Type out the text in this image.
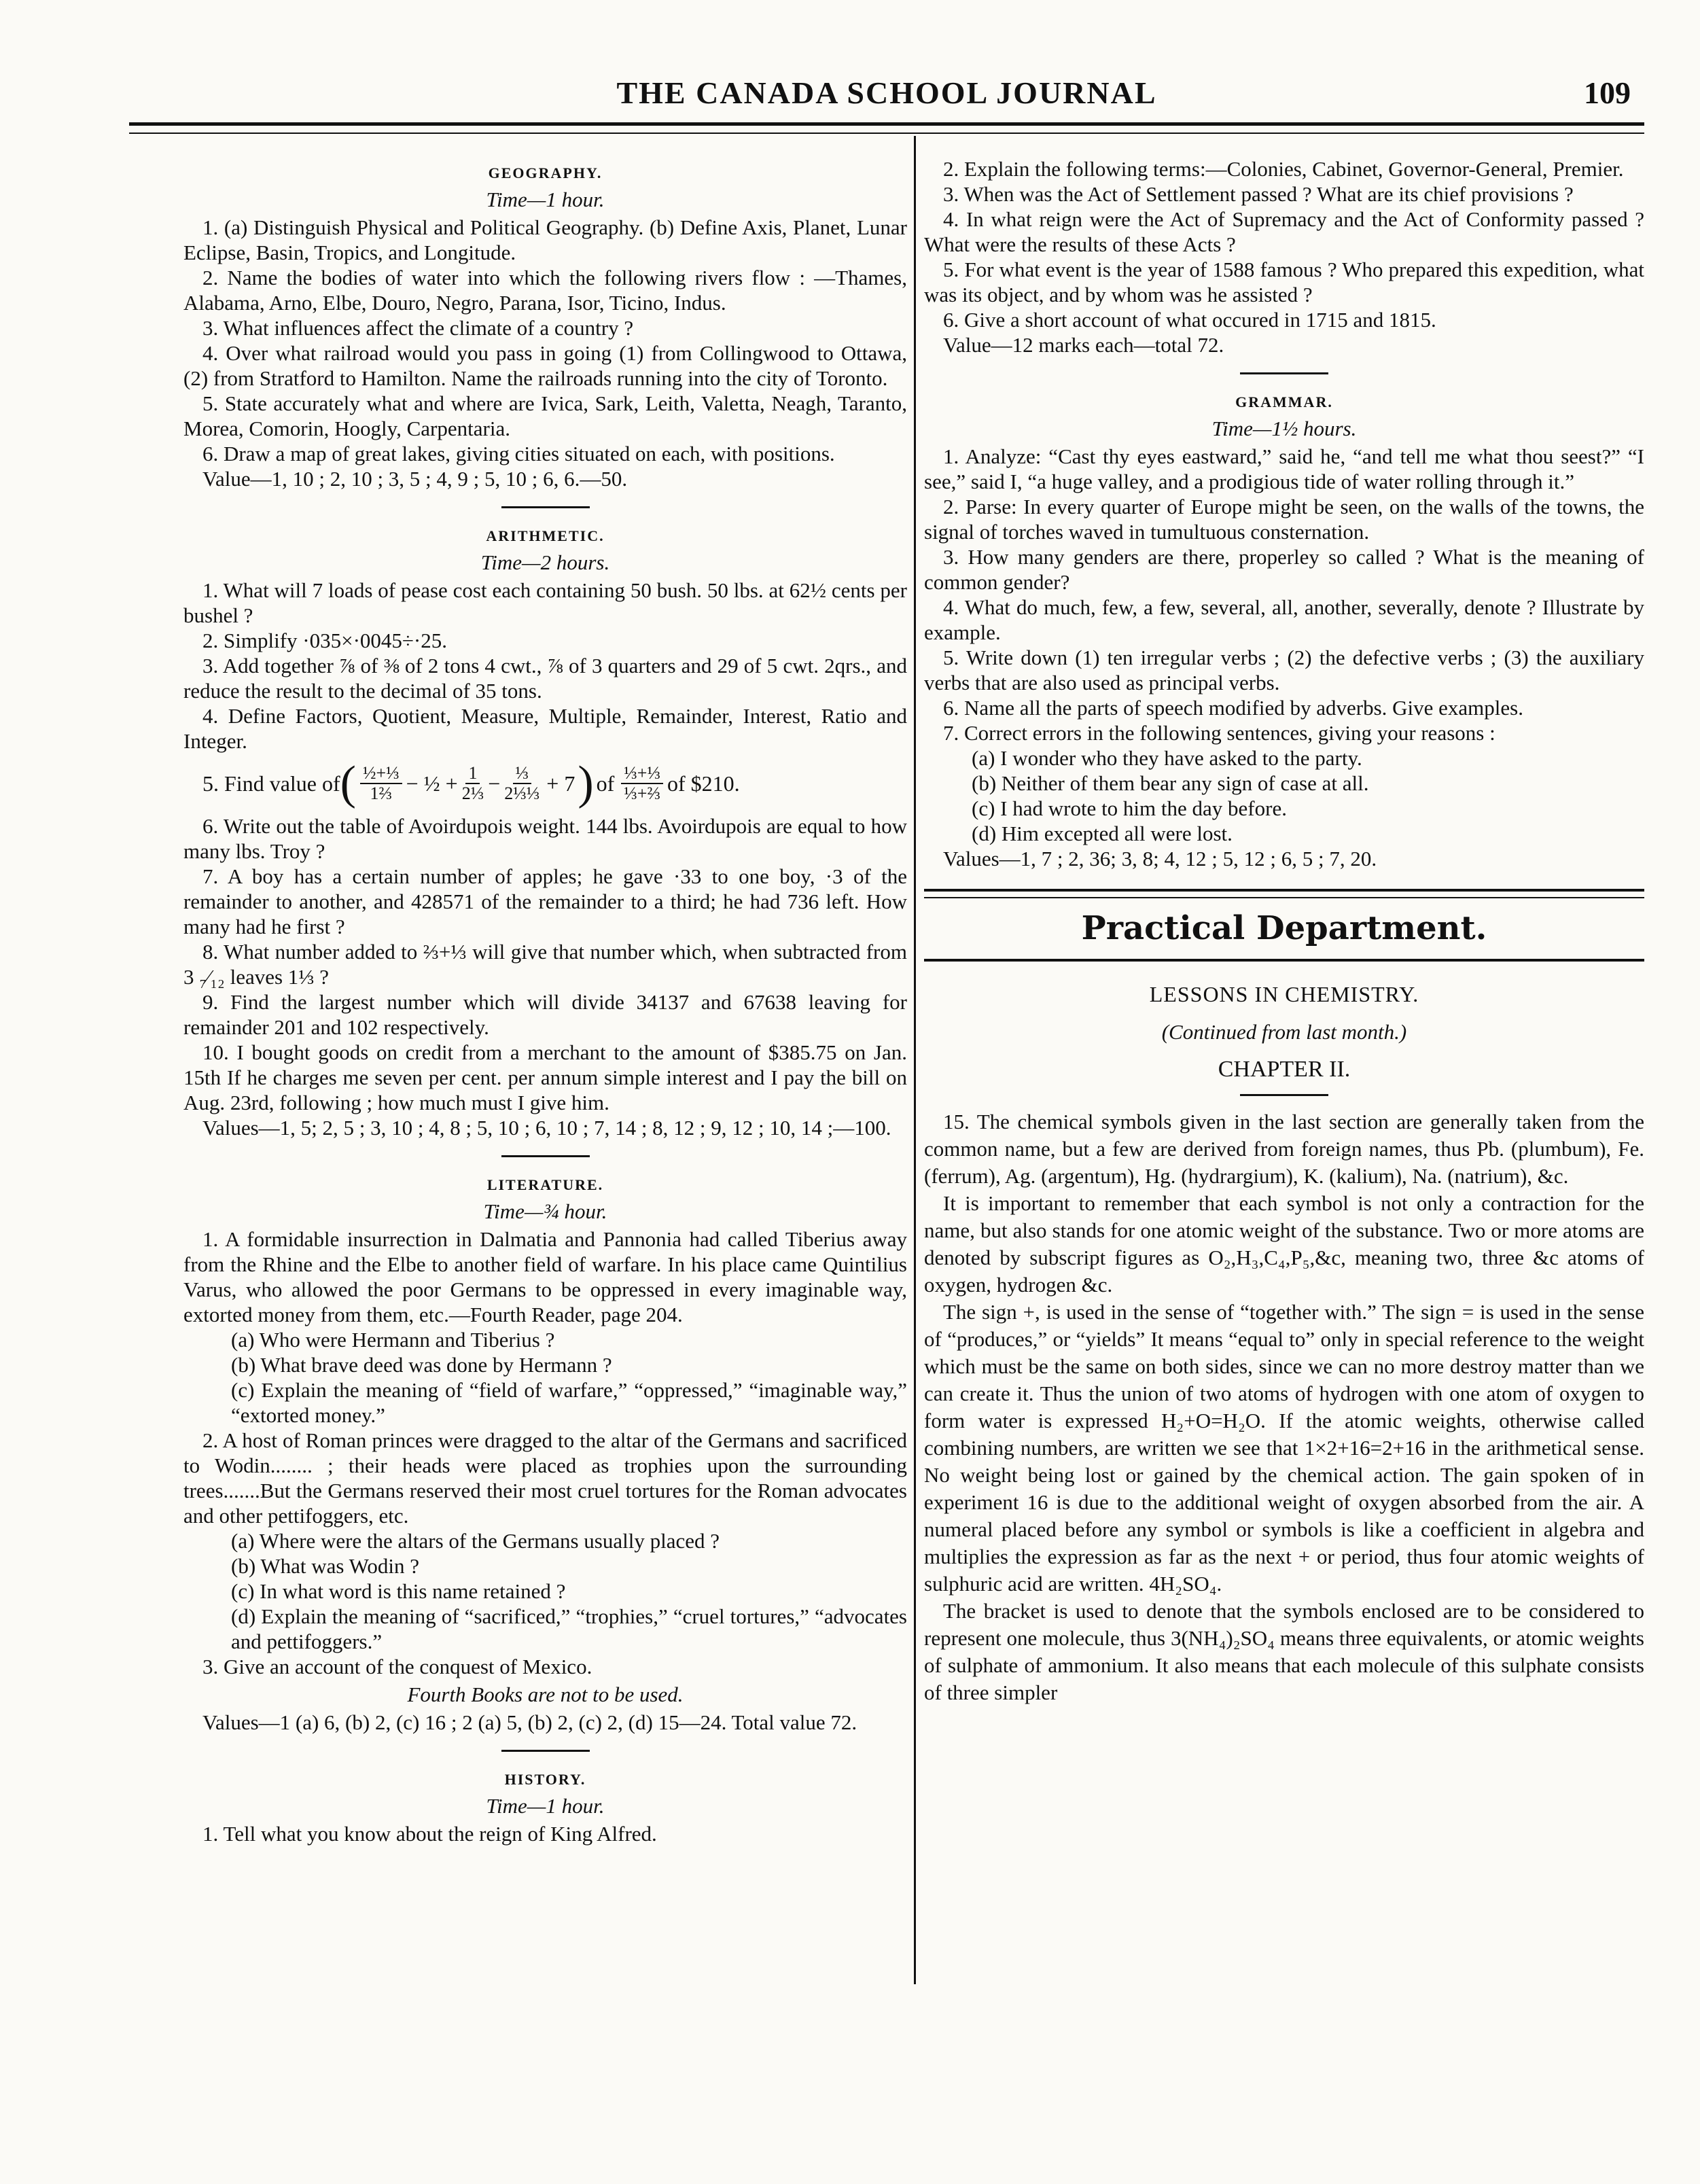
THE CANADA SCHOOL JOURNAL	109
GEOGRAPHY.
Time—1 hour.

1. (a) Distinguish Physical and Political Geography. (b) Define Axis, Planet, Lunar Eclipse, Basin, Tropics, and Longitude.

2. Name the bodies of water into which the following rivers flow : —Thames, Alabama, Arno, Elbe, Douro, Negro, Parana, Isor, Ticino, Indus.

3. What influences affect the climate of a country ?

4. Over what railroad would you pass in going (1) from Collingwood to Ottawa, (2) from Stratford to Hamilton. Name the railroads running into the city of Toronto.

5. State accurately what and where are Ivica, Sark, Leith, Valetta, Neagh, Taranto, Morea, Comorin, Hoogly, Carpentaria.

6. Draw a map of great lakes, giving cities situated on each, with positions.

Value—1, 10 ; 2, 10 ; 3, 5 ; 4, 9 ; 5, 10 ; 6, 6.—50.

ARITHMETIC.
Time—2 hours.

1. What will 7 loads of pease cost each containing 50 bush. 50 lbs. at 62½ cents per bushel ?

2. Simplify ·035×·0045÷·25.

3. Add together ⅞ of ⅜ of 2 tons 4 cwt., ⅞ of 3 quarters and 29 of 5 cwt. 2qrs., and reduce the result to the decimal of 35 tons.

4. Define Factors, Quotient, Measure, Multiple, Remainder, Interest, Ratio and Integer.

5. Find value of ( $\frac{\text{½+⅓}}{\text{1⅔}}$ − ½ + $\frac{1}{\text{2⅓}} - \frac{\text{⅓}}{\text{2⅓⅓}} + 7$ ) of $\frac{\text{⅓+⅓}}{\text{⅓+⅔}}$ of $210.

6. Write out the table of Avoirdupois weight. 144 lbs. Avoirdupois are equal to how many lbs. Troy ?

7. A boy has a certain number of apples; he gave ·33 to one boy, ·3 of the remainder to another, and 428571 of the remainder to a third; he had 736 left. How many had he first ?

8. What number added to ⅔+⅓ will give that number which, when subtracted from 3 ₇⁄₁₂ leaves 1⅓ ?

9. Find the largest number which will divide 34137 and 67638 leaving for remainder 201 and 102 respectively.

10. I bought goods on credit from a merchant to the amount of $385.75 on Jan. 15th If he charges me seven per cent. per annum simple interest and I pay the bill on Aug. 23rd, following ; how much must I give him.

Values—1, 5; 2, 5 ; 3, 10 ; 4, 8 ; 5, 10 ; 6, 10 ; 7, 14 ; 8, 12 ; 9, 12 ; 10, 14 ;—100.

LITERATURE.
Time—¾ hour.

1. A formidable insurrection in Dalmatia and Pannonia had called Tiberius away from the Rhine and the Elbe to another field of warfare. In his place came Quintilius Varus, who allowed the poor Germans to be oppressed in every imaginable way, extorted money from them, etc.—Fourth Reader, page 204.

(a) Who were Hermann and Tiberius ?

(b) What brave deed was done by Hermann ?

(c) Explain the meaning of “field of warfare,” “oppressed,” “imaginable way,” “extorted money.”

2. A host of Roman princes were dragged to the altar of the Germans and sacrificed to Wodin........ ; their heads were placed as trophies upon the surrounding trees.......But the Germans reserved their most cruel tortures for the Roman advocates and other pettifoggers, etc.

(a) Where were the altars of the Germans usually placed ?

(b) What was Wodin ?

(c) In what word is this name retained ?

(d) Explain the meaning of “sacrificed,” “trophies,” “cruel tortures,” “advocates and pettifoggers.”

3. Give an account of the conquest of Mexico.

Fourth Books are not to be used.

Values—1 (a) 6, (b) 2, (c) 16 ; 2 (a) 5, (b) 2, (c) 2, (d) 15—24. Total value 72.

HISTORY.
Time—1 hour.

1. Tell what you know about the reign of King Alfred.

2. Explain the following terms:—Colonies, Cabinet, Governor-General, Premier.

3. When was the Act of Settlement passed ? What are its chief provisions ?

4. In what reign were the Act of Supremacy and the Act of Conformity passed ? What were the results of these Acts ?

5. For what event is the year of 1588 famous ? Who prepared this expedition, what was its object, and by whom was he assisted ?

6. Give a short account of what occured in 1715 and 1815.

Value—12 marks each—total 72.

GRAMMAR.
Time—1½ hours.

1. Analyze: “Cast thy eyes eastward,” said he, “and tell me what thou seest?” “I see,” said I, “a huge valley, and a prodigious tide of water rolling through it.”

2. Parse: In every quarter of Europe might be seen, on the walls of the towns, the signal of torches waved in tumultuous consternation.

3. How many genders are there, properley so called ? What is the meaning of common gender?

4. What do much, few, a few, several, all, another, severally, denote ? Illustrate by example.

5. Write down (1) ten irregular verbs ; (2) the defective verbs ; (3) the auxiliary verbs that are also used as principal verbs.

6. Name all the parts of speech modified by adverbs. Give examples.

7. Correct errors in the following sentences, giving your reasons :

(a) I wonder who they have asked to the party.

(b) Neither of them bear any sign of case at all.

(c) I had wrote to him the day before.

(d) Him excepted all were lost.

Values—1, 7 ; 2, 36; 3, 8; 4, 12 ; 5, 12 ; 6, 5 ; 7, 20.

Practical Department.
LESSONS IN CHEMISTRY.
(Continued from last month.)
CHAPTER II.

15. The chemical symbols given in the last section are generally taken from the common name, but a few are derived from foreign names, thus Pb. (plumbum), Fe. (ferrum), Ag. (argentum), Hg. (hydrargium), K. (kalium), Na. (natrium), &c.

It is important to remember that each symbol is not only a contraction for the name, but also stands for one atomic weight of the substance. Two or more atoms are denoted by subscript figures as O₂,H₃,C₄,P₅,&c, meaning two, three &c atoms of oxygen, hydrogen &c.

The sign +, is used in the sense of “together with.” The sign = is used in the sense of “produces,” or “yields” It means “equal to” only in special reference to the weight which must be the same on both sides, since we can no more destroy matter than we can create it. Thus the union of two atoms of hydrogen with one atom of oxygen to form water is expressed H₂+O=H₂O. If the atomic weights, otherwise called combining numbers, are written we see that 1×2+16=2+16 in the arithmetical sense. No weight being lost or gained by the chemical action. The gain spoken of in experiment 16 is due to the additional weight of oxygen absorbed from the air. A numeral placed before any symbol or symbols is like a coefficient in algebra and multiplies the expression as far as the next + or period, thus four atomic weights of sulphuric acid are written. 4H₂SO₄.

The bracket is used to denote that the symbols enclosed are to be considered to represent one molecule, thus 3(NH₄)₂SO₄ means three equivalents, or atomic weights of sulphate of ammonium. It also means that each molecule of this sulphate consists of three simpler
